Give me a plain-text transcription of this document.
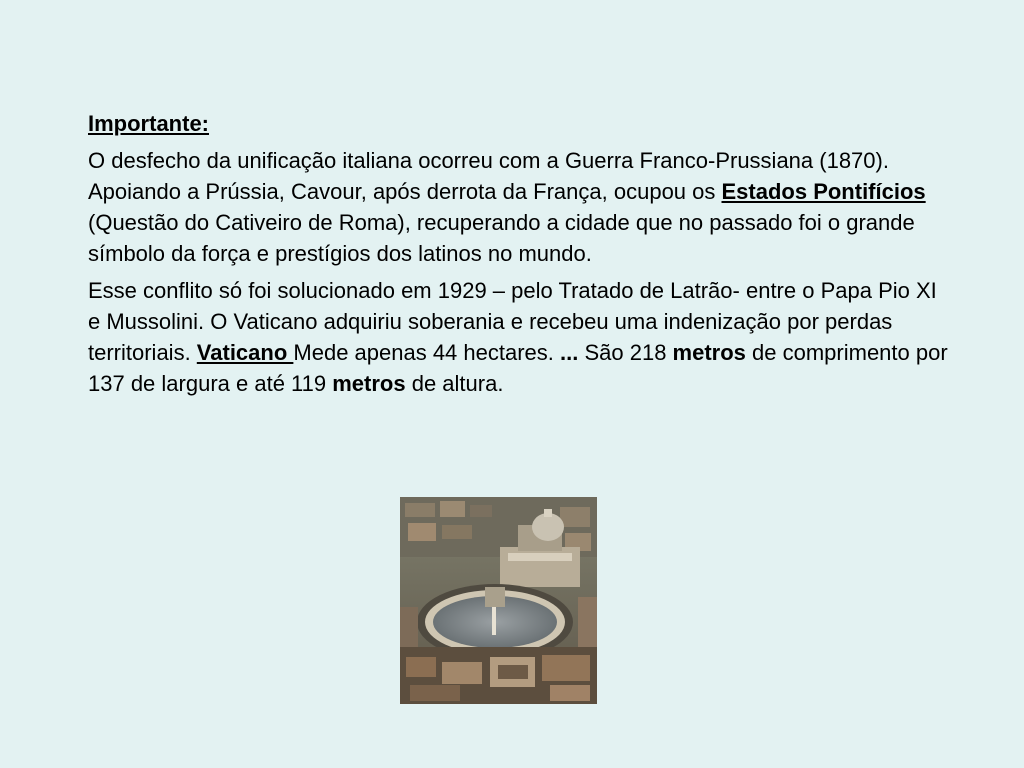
Importante:

O desfecho da unificação italiana ocorreu com a Guerra Franco-Prussiana (1870). Apoiando a Prússia, Cavour, após derrota da França, ocupou os Estados Pontifícios (Questão do Cativeiro de Roma), recuperando a cidade que no passado foi o grande símbolo da força e prestígios dos latinos no mundo.

Esse conflito só foi solucionado em 1929 – pelo Tratado de Latrão- entre o Papa Pio XI e Mussolini. O Vaticano adquiriu soberania e recebeu uma indenização por perdas territoriais. Vaticano Mede apenas 44 hectares. ... São 218 metros de comprimento por 137 de largura e até 119 metros de altura.
